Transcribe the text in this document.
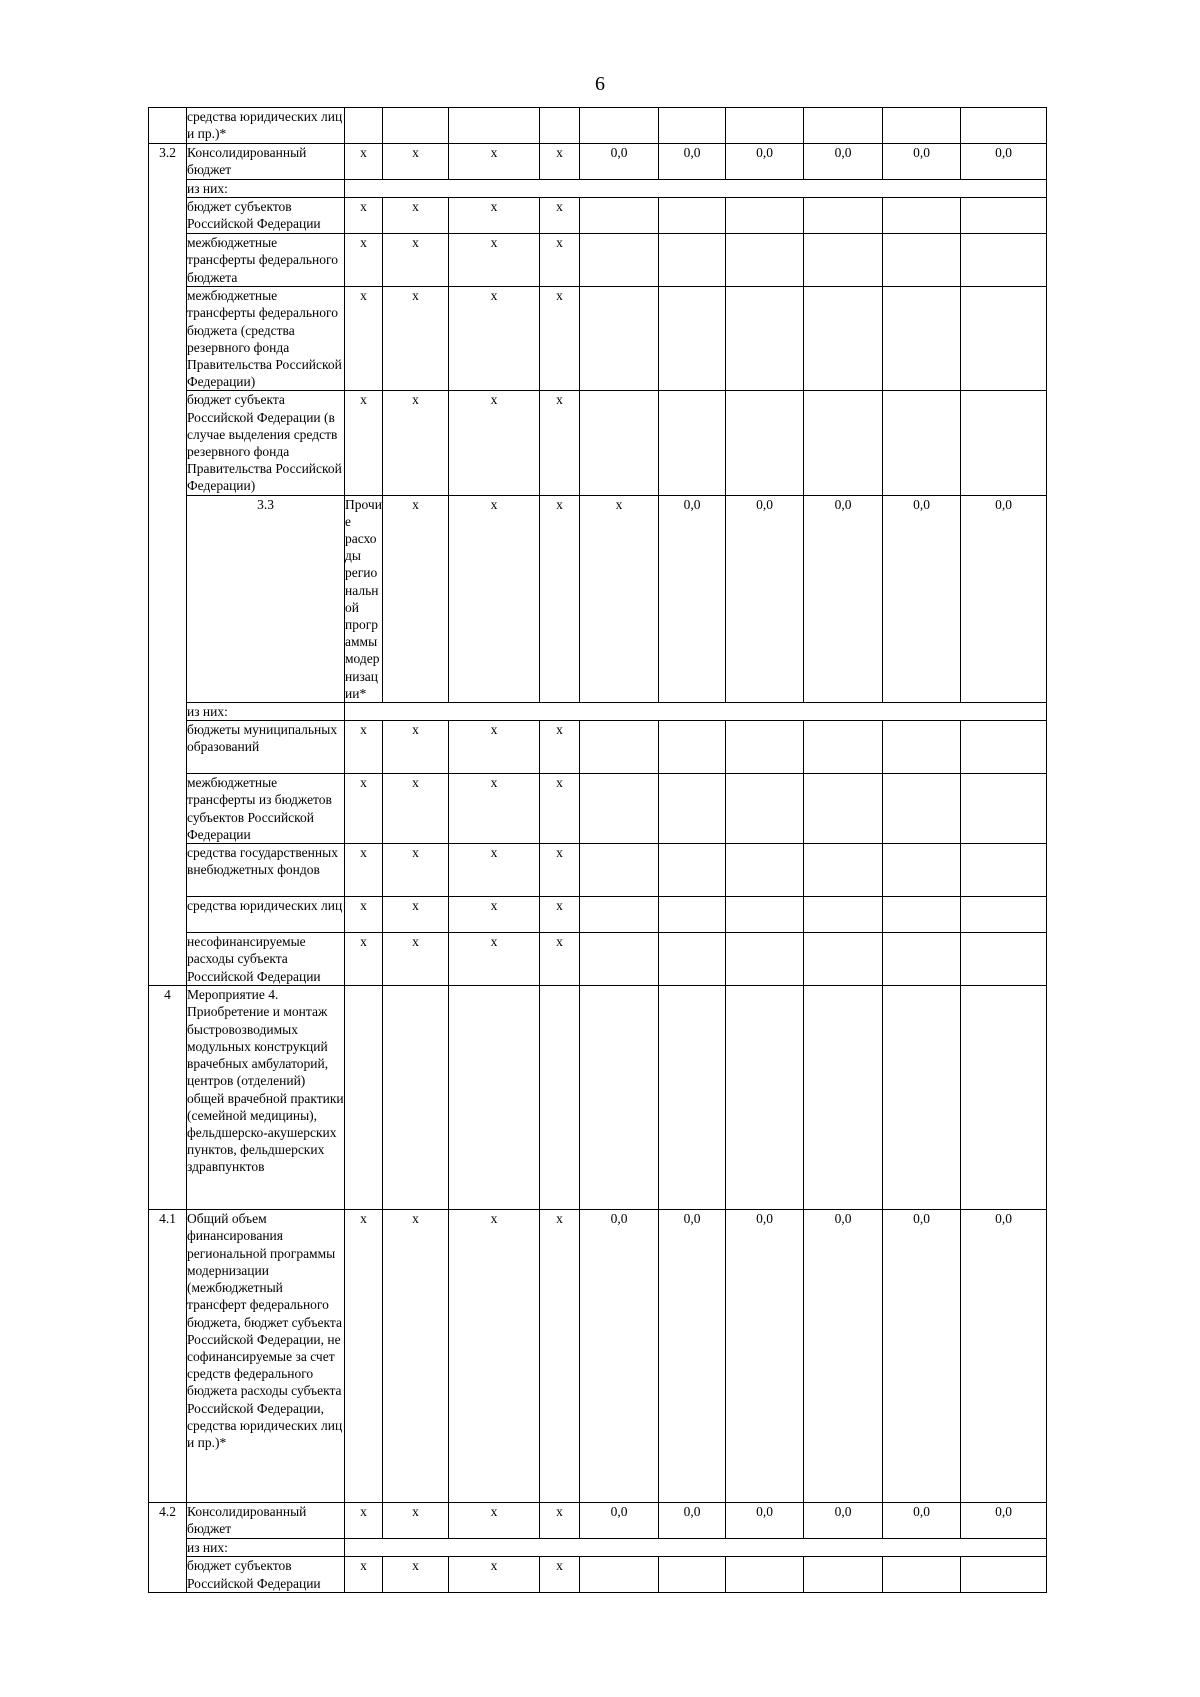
6
	средства юридических лиц и пр.)*											
3.2	Консолидированный бюджет	х	х	х	х	0,0	0,0	0,0	0,0	0,0	0,0	
	из них:											
	бюджет субъектов Российской Федерации	х	х	х	х							
	межбюджетные трансферты федерального бюджета	х	х	х	х							
	межбюджетные трансферты федерального бюджета (средства резервного фонда Правительства Российской Федерации)	х	х	х	х							
	бюджет субъекта Российской Федерации (в случае выделения средств резервного фонда Правительства Российской Федерации)	х	х	х	х							
	3.3	Прочие расходы региональной программы модернизации*	х	х	х	х	0,0	0,0	0,0	0,0	0,0	
	из них:											
	бюджеты муниципальных образований	х	х	х	х							
	межбюджетные трансферты из бюджетов субъектов Российской Федерации	х	х	х	х							
	средства государственных внебюджетных фондов	х	х	х	х							
	средства юридических лиц	х	х	х	х							
	несофинансируемые расходы субъекта Российской Федерации	х	х	х	х							
4	Мероприятие 4. Приобретение и монтаж быстровозводимых модульных конструкций врачебных амбулаторий, центров (отделений) общей врачебной практики (семейной медицины), фельдшерско-акушерских пунктов, фельдшерских здравпунктов											
4.1	Общий объем финансирования региональной программы модернизации (межбюджетный трансферт федерального бюджета, бюджет субъекта Российской Федерации, не софинансируемые за счет средств федерального бюджета расходы субъекта Российской Федерации, средства юридических лиц и пр.)*	х	х	х	х	0,0	0,0	0,0	0,0	0,0	0,0	
4.2	Консолидированный бюджет	х	х	х	х	0,0	0,0	0,0	0,0	0,0	0,0	
	из них:											
	бюджет субъектов Российской Федерации	х	х	х	х							
